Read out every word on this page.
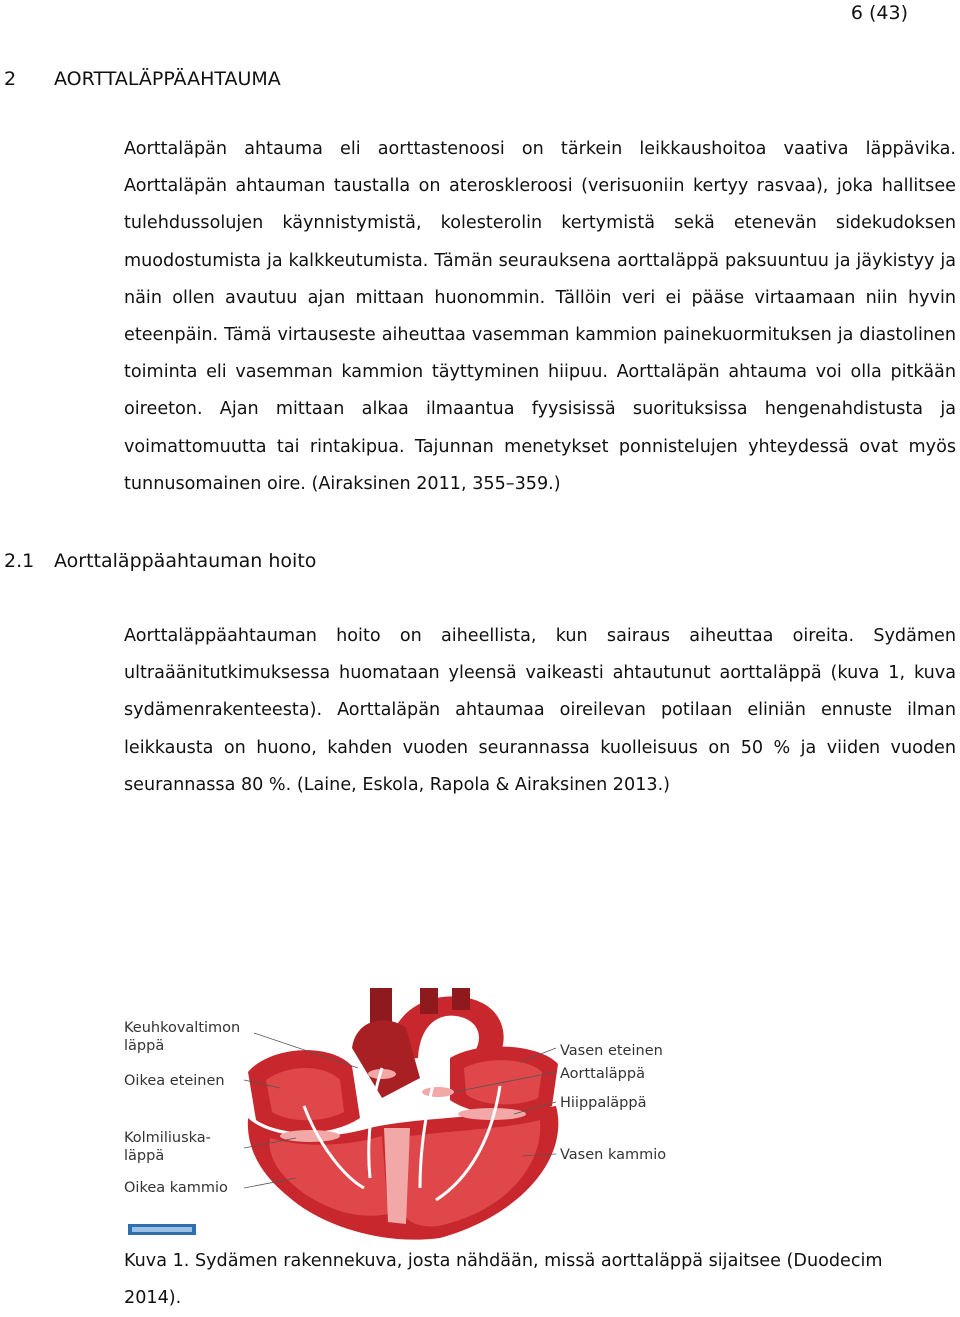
6 (43)
2 AORTTALÄPPÄAHTAUMA

Aorttaläpän ahtauma eli aorttastenoosi on tärkein leikkaushoitoa vaativa läppävika. Aorttaläpän ahtauman taustalla on ateroskleroosi (verisuoniin kertyy rasvaa), joka hallitsee tulehdussolujen käynnistymistä, kolesterolin kertymistä sekä etenevän sidekudoksen muodostumista ja kalkkeutumista. Tämän seurauksena aorttaläppä paksuuntuu ja jäykistyy ja näin ollen avautuu ajan mittaan huonommin. Tällöin veri ei pääse virtaamaan niin hyvin eteenpäin. Tämä virtauseste aiheuttaa vasemman kammion painekuormituksen ja diastolinen toiminta eli vasemman kammion täyttyminen hiipuu. Aorttaläpän ahtauma voi olla pitkään oireeton. Ajan mittaan alkaa ilmaantua fyysisissä suorituksissa hengenahdistusta ja voimattomuutta tai rintakipua. Tajunnan menetykset ponnistelujen yhteydessä ovat myös tunnusomainen oire. (Airaksinen 2011, 355–359.)

2.1 Aorttaläppäahtauman hoito

Aorttaläppäahtauman hoito on aiheellista, kun sairaus aiheuttaa oireita. Sydämen ultraäänitutkimuksessa huomataan yleensä vaikeasti ahtautunut aorttaläppä (kuva 1, kuva sydämenrakenteesta). Aorttaläpän ahtaumaa oireilevan potilaan eliniän ennuste ilman leikkausta on huono, kahden vuoden seurannassa kuolleisuus on 50 % ja viiden vuoden seurannassa 80 %. (Laine, Eskola, Rapola & Airaksinen 2013.)

Keuhkovaltimon
läppä
Oikea eteinen
Kolmiliuska-
läppä
Oikea kammio
Vasen eteinen
Aorttaläppä
Hiippaläppä
Vasen kammio

Kuva 1. Sydämen rakennekuva, josta nähdään, missä aorttaläppä sijaitsee (Duodecim 2014).
